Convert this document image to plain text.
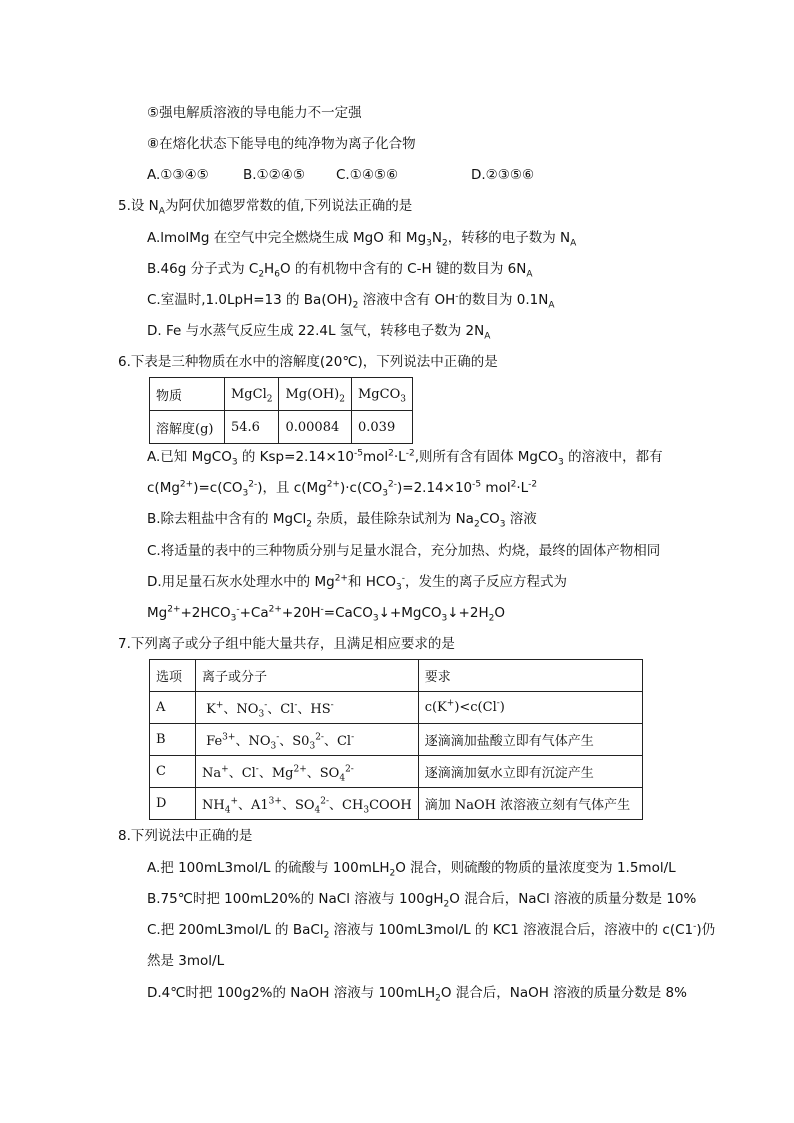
⑤强电解质溶液的导电能力不一定强
⑧在熔化状态下能导电的纯净物为离子化合物
A.①③④⑤	B.①②④⑤	C.①④⑤⑥	D.②③⑤⑥
5.设 $N_A$为阿伏加德罗常数的值,下列说法正确的是
A.lmolMg 在空气中完全燃烧生成 MgO 和 $Mg_3N_2$，转移的电子数为 $N_A$
B.46g 分子式为 $C_2H_6O$ 的有机物中含有的 C-H 键的数目为 $6N_A$
C.室温时,1.0LpH=13 的 $Ba(OH)_2$ 溶液中含有 OH-的数目为 $0.1N_A$
D. Fe 与水蒸气反应生成 22.4L 氢气，转移电子数为 $2N_A$
6.下表是三种物质在水中的溶解度(20℃)，下列说法中正确的是
物质	MgCl$_2$	$Mg(OH)_2$	MgCO$_3$
溶解度(g)	54.6	0.00084	0.039
A.已知 MgCO$_3$ 的 $Ksp=2.14\times 10^{-5}mol^2\cdot L^{-2}$,则所有含有固体 MgCO$_3$ 的溶液中，都有
$c(Mg^{2+})=c(CO_3^{2-})$，且 $c(Mg^{2+})\cdot c(CO_3^{2-})=2.14\times 10^{-5}$ $mol^2\cdot L^{-2}$
B.除去粗盐中含有的 MgCl$_2$ 杂质，最佳除杂试剂为 $Na_2CO_3$ 溶液
C.将适量的表中的三种物质分别与足量水混合，充分加热、灼烧，最终的固体产物相同
D.用足量石灰水处理水中的 $Mg^{2+}$和 $HCO_3^-$，发生的离子反应方程式为
$Mg^{2+}+2HCO_3^-+Ca^{2+}+20H^-=CaCO_3↓+MgCO_3↓+2H_2O$
7.下列离子或分子组中能大量共存，且满足相应要求的是
选项	离子或分子	要求
A	K+、$NO_3^-$、Cl-、HS-	c(K+)<c(Cl-)
B	$Fe^{3+}$、$NO_3^-$、$S0_3^{2-}$、Cl-	逐滴滴加盐酸立即有气体产生
C	Na+、Cl-、$Mg^{2+}$、$SO_4^{2-}$	逐滴滴加氨水立即有沉淀产生
D	$NH_4^+$、$A1^{3+}$、$SO_4^{2-}$、$CH_3COOH$	滴加 NaOH 浓溶液立刻有气体产生
8.下列说法中正确的是
A.把 100mL3mol/L 的硫酸与 100mLH$_2$O 混合，则硫酸的物质的量浓度变为 1.5mol/L
B.75℃时把 100mL20%的 NaCl 溶液与 $100gH_2O$ 混合后，NaCl 溶液的质量分数是 10%
C.把 200mL3mol/L 的 BaCl$_2$ 溶液与 100mL3mol/L 的 KC1 溶液混合后，溶液中的 c(C1-)仍
然是 3mol/L
D.4℃时把 100g2%的 NaOH 溶液与 100mLH$_2$O 混合后，NaOH 溶液的质量分数是 8%
